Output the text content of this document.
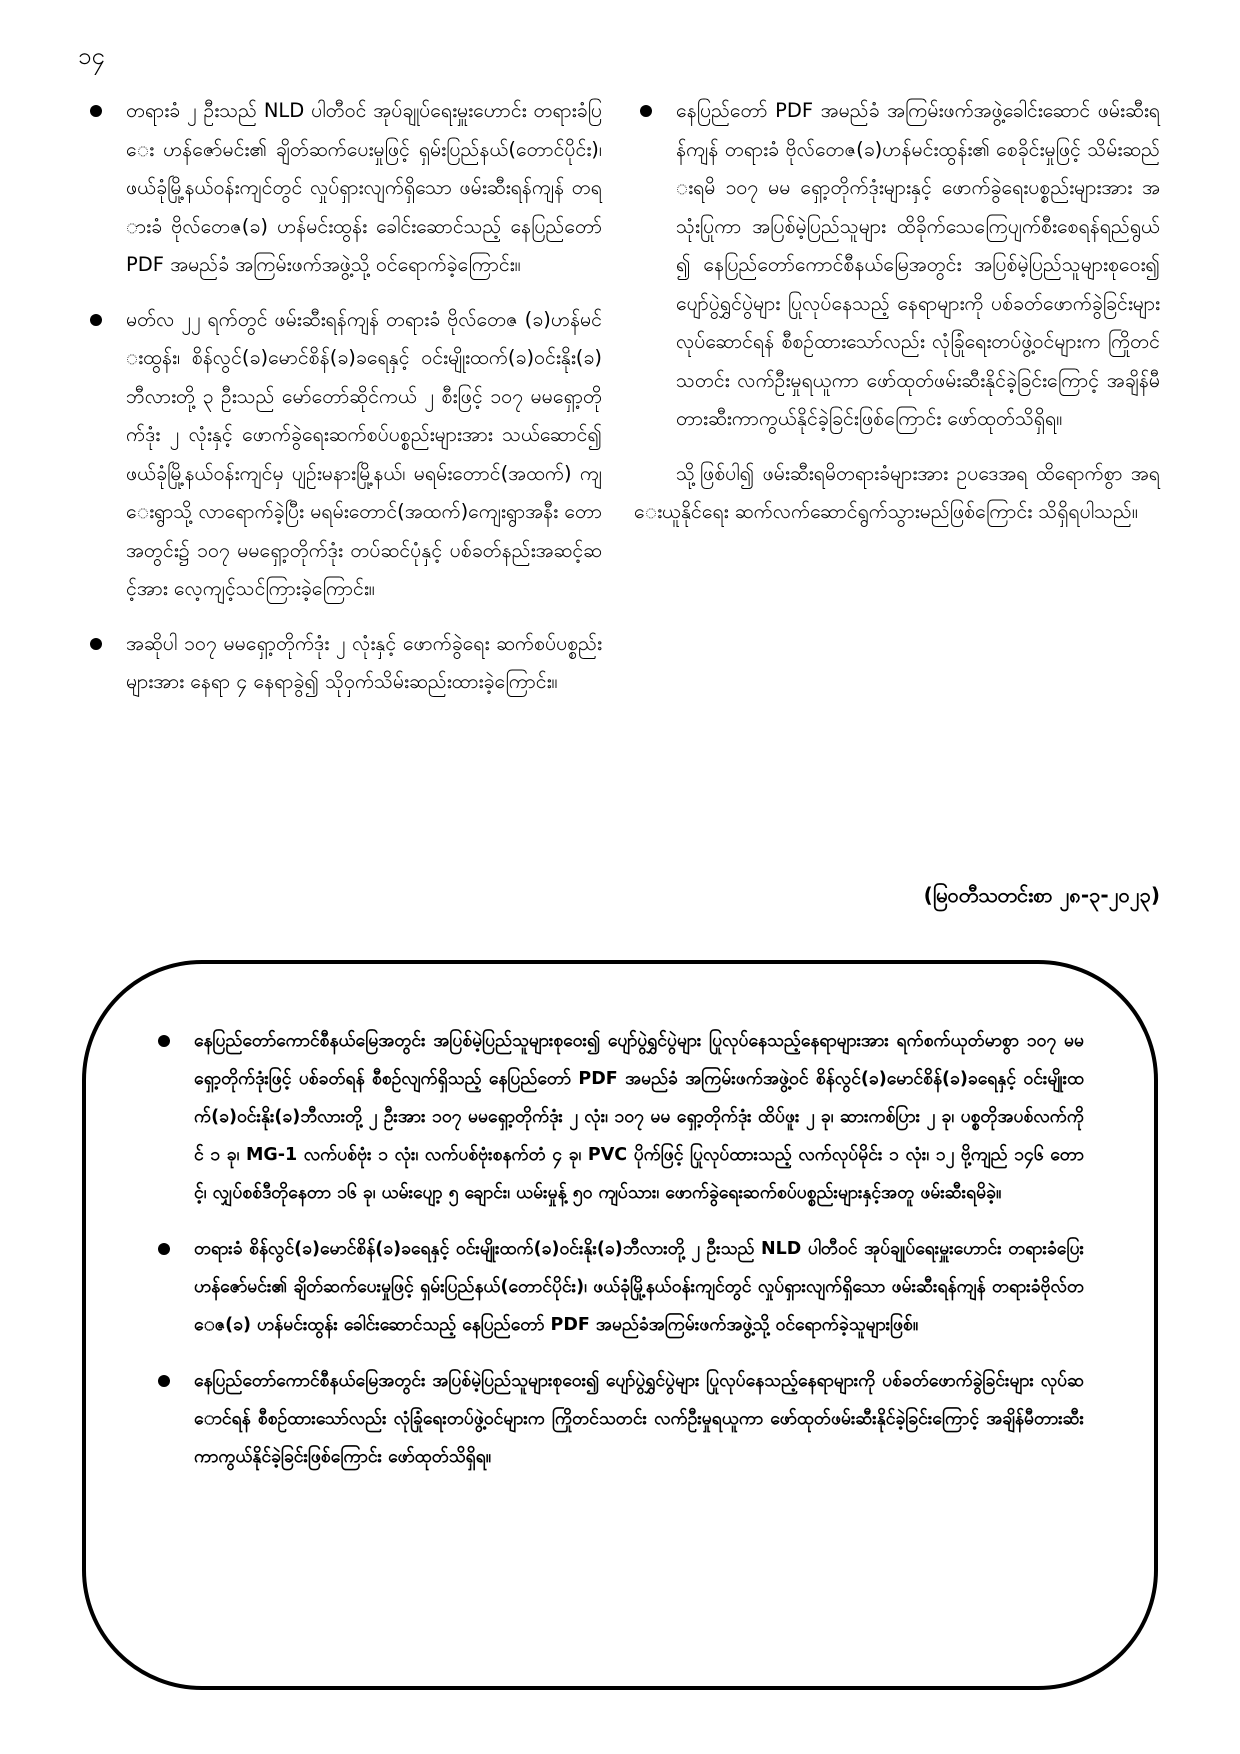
၁၄
တရားခံ ၂ ဦးသည် NLD ပါတီဝင် အုပ်ချုပ်ရေးမှူးဟောင်း တရားခံပြေး ဟန်ဇော်မင်း၏ ချိတ်ဆက်ပေးမှုဖြင့် ရှမ်းပြည်နယ်(တောင်ပိုင်း)၊ ဖယ်ခုံမြို့နယ်ဝန်းကျင်တွင် လှုပ်ရှားလျက်ရှိသော ဖမ်းဆီးရန်ကျန် တရားခံ ဗိုလ်တေဇ(ခ) ဟန်မင်းထွန်း ခေါင်းဆောင်သည့် နေပြည်တော် PDF အမည်ခံ အကြမ်းဖက်အဖွဲ့သို့ ဝင်ရောက်ခဲ့ကြောင်း။
မတ်လ ၂၂ ရက်တွင် ဖမ်းဆီးရန်ကျန် တရားခံ ဗိုလ်တေဇ (ခ)ဟန်မင်းထွန်း၊ စိန်လွင်(ခ)မောင်စိန်(ခ)ခရေနှင့် ဝင်းမျိုးထက်(ခ)ဝင်းနိုး(ခ)ဘီလားတို့ ၃ ဦးသည် မော်တော်ဆိုင်ကယ် ၂ စီးဖြင့် ၁၀၇ မမရှော့တိုက်ဒုံး ၂ လုံးနှင့် ဖောက်ခွဲရေးဆက်စပ်ပစ္စည်းများအား သယ်ဆောင်၍ ဖယ်ခုံမြို့နယ်ဝန်းကျင်မှ ပျဉ်းမနားမြို့နယ်၊ မရမ်းတောင်(အထက်) ကျေးရွာသို့ လာရောက်ခဲ့ပြီး မရမ်းတောင်(အထက်)ကျေးရွာအနီး တောအတွင်း၌ ၁၀၇ မမရှော့တိုက်ဒုံး တပ်ဆင်ပုံနှင့် ပစ်ခတ်နည်းအဆင့်ဆင့်အား လေ့ကျင့်သင်ကြားခဲ့ကြောင်း။
အဆိုပါ ၁၀၇ မမရှော့တိုက်ဒုံး ၂ လုံးနှင့် ဖောက်ခွဲရေး ဆက်စပ်ပစ္စည်းများအား နေရာ ၄ နေရာခွဲ၍ သိုဝှက်သိမ်းဆည်းထားခဲ့ကြောင်း။
နေပြည်တော် PDF အမည်ခံ အကြမ်းဖက်အဖွဲ့ခေါင်းဆောင် ဖမ်းဆီးရန်ကျန် တရားခံ ဗိုလ်တေဇ(ခ)ဟန်မင်းထွန်း၏ စေခိုင်းမှုဖြင့် သိမ်းဆည်းရမိ ၁၀၇ မမ ရှော့တိုက်ဒုံးများနှင့် ဖောက်ခွဲရေးပစ္စည်းများအား အသုံးပြုကာ အပြစ်မဲ့ပြည်သူများ ထိခိုက်သေကြေပျက်စီးစေရန်ရည်ရွယ်၍ နေပြည်တော်ကောင်စီနယ်မြေအတွင်း အပြစ်မဲ့ပြည်သူများစုဝေး၍ ပျော်ပွဲရွှင်ပွဲများ ပြုလုပ်နေသည့် နေရာများကို ပစ်ခတ်ဖောက်ခွဲခြင်းများ လုပ်ဆောင်ရန် စီစဉ်ထားသော်လည်း လုံခြုံရေးတပ်ဖွဲ့ဝင်များက ကြိုတင်သတင်း လက်ဦးမှုရယူကာ ဖော်ထုတ်ဖမ်းဆီးနိုင်ခဲ့ခြင်းကြောင့် အချိန်မီတားဆီးကာကွယ်နိုင်ခဲ့ခြင်းဖြစ်ကြောင်း ဖော်ထုတ်သိရှိရ။

သို့ဖြစ်ပါ၍ ဖမ်းဆီးရမိတရားခံများအား ဥပဒေအရ ထိရောက်စွာ အရေးယူနိုင်ရေး ဆက်လက်ဆောင်ရွက်သွားမည်ဖြစ်ကြောင်း သိရှိရပါသည်။

(မြဝတီသတင်းစာ ၂၈-၃-၂၀၂၃)
နေပြည်တော်ကောင်စီနယ်မြေအတွင်း အပြစ်မဲ့ပြည်သူများစုဝေး၍ ပျော်ပွဲရွှင်ပွဲများ ပြုလုပ်နေသည့်နေရာများအား ရက်စက်ယုတ်မာစွာ ၁၀၇ မမ ရှော့တိုက်ဒုံးဖြင့် ပစ်ခတ်ရန် စီစဉ်လျက်ရှိသည့် နေပြည်တော် PDF အမည်ခံ အကြမ်းဖက်အဖွဲ့ဝင် စိန်လွင်(ခ)မောင်စိန်(ခ)ခရေနှင့် ဝင်းမျိုးထက်(ခ)ဝင်းနိုး(ခ)ဘီလားတို့ ၂ ဦးအား ၁၀၇ မမရှော့တိုက်ဒုံး ၂ လုံး၊ ၁၀၇ မမ ရှော့တိုက်ဒုံး ထိပ်ဖူး ၂ ခု၊ ဆားကစ်ပြား ၂ ခု၊ ပစ္စတိုအပစ်လက်ကိုင် ၁ ခု၊ MG-1 လက်ပစ်ဗုံး ၁ လုံး၊ လက်ပစ်ဗုံးစနက်တံ ၄ ခု၊ PVC ပိုက်ဖြင့် ပြုလုပ်ထားသည့် လက်လုပ်မိုင်း ၁ လုံး၊ ၁၂ ဗို့ကျည် ၁၄၆ တောင့်၊ လျှပ်စစ်ဒီတိုနေတာ ၁၆ ခု၊ ယမ်းပျော့ ၅ ချောင်း၊ ယမ်းမှုန့် ၅၀ ကျပ်သား၊ ဖောက်ခွဲရေးဆက်စပ်ပစ္စည်းများနှင့်အတူ ဖမ်းဆီးရမိခဲ့။
တရားခံ စိန်လွင်(ခ)မောင်စိန်(ခ)ခရေနှင့် ဝင်းမျိုးထက်(ခ)ဝင်းနိုး(ခ)ဘီလားတို့ ၂ ဦးသည် NLD ပါတီဝင် အုပ်ချုပ်ရေးမှူးဟောင်း တရားခံပြေး ဟန်ဇော်မင်း၏ ချိတ်ဆက်ပေးမှုဖြင့် ရှမ်းပြည်နယ်(တောင်ပိုင်း)၊ ဖယ်ခုံမြို့နယ်ဝန်းကျင်တွင် လှုပ်ရှားလျက်ရှိသော ဖမ်းဆီးရန်ကျန် တရားခံဗိုလ်တေဇ(ခ) ဟန်မင်းထွန်း ခေါင်းဆောင်သည့် နေပြည်တော် PDF အမည်ခံအကြမ်းဖက်အဖွဲ့သို့ ဝင်ရောက်ခဲ့သူများဖြစ်။
နေပြည်တော်ကောင်စီနယ်မြေအတွင်း အပြစ်မဲ့ပြည်သူများစုဝေး၍ ပျော်ပွဲရွှင်ပွဲများ ပြုလုပ်နေသည့်နေရာများကို ပစ်ခတ်ဖောက်ခွဲခြင်းများ လုပ်ဆောင်ရန် စီစဉ်ထားသော်လည်း လုံခြုံရေးတပ်ဖွဲ့ဝင်များက ကြိုတင်သတင်း လက်ဦးမှုရယူကာ ဖော်ထုတ်ဖမ်းဆီးနိုင်ခဲ့ခြင်းကြောင့် အချိန်မီတားဆီးကာကွယ်နိုင်ခဲ့ခြင်းဖြစ်ကြောင်း ဖော်ထုတ်သိရှိရ။
